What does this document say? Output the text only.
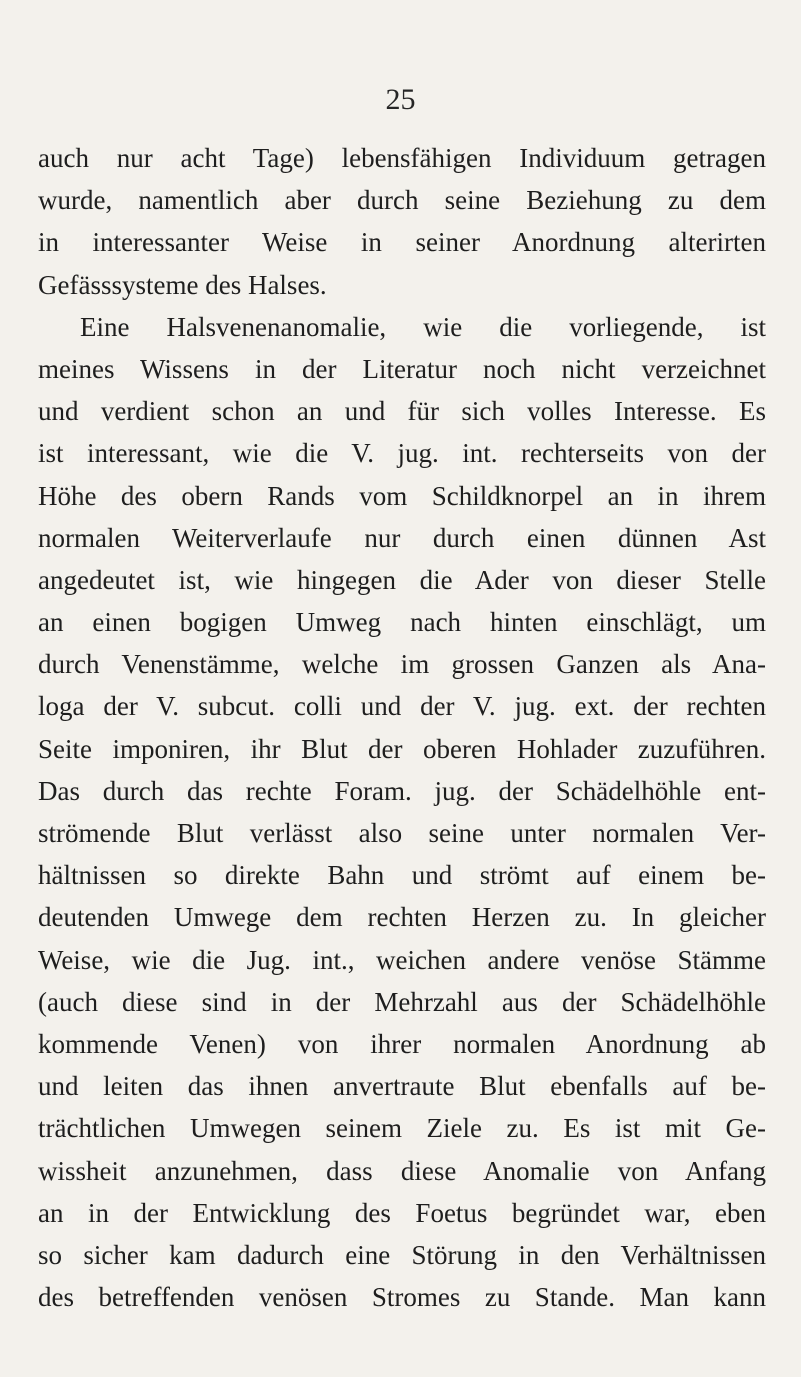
25
auch nur acht Tage) lebensfähigen Individuum getragen
wurde, namentlich aber durch seine Beziehung zu dem
in interessanter Weise in seiner Anordnung alterirten
Gefässsysteme des Halses.
Eine Halsvenenanomalie, wie die vorliegende, ist
meines Wissens in der Literatur noch nicht verzeichnet
und verdient schon an und für sich volles Interesse. Es
ist interessant, wie die V. jug. int. rechterseits von der
Höhe des obern Rands vom Schildknorpel an in ihrem
normalen Weiterverlaufe nur durch einen dünnen Ast
angedeutet ist, wie hingegen die Ader von dieser Stelle
an einen bogigen Umweg nach hinten einschlägt, um
durch Venenstämme, welche im grossen Ganzen als Ana-
loga der V. subcut. colli und der V. jug. ext. der rechten
Seite imponiren, ihr Blut der oberen Hohlader zuzuführen.
Das durch das rechte Foram. jug. der Schädelhöhle ent-
strömende Blut verlässt also seine unter normalen Ver-
hältnissen so direkte Bahn und strömt auf einem be-
deutenden Umwege dem rechten Herzen zu. In gleicher
Weise, wie die Jug. int., weichen andere venöse Stämme
(auch diese sind in der Mehrzahl aus der Schädelhöhle
kommende Venen) von ihrer normalen Anordnung ab
und leiten das ihnen anvertraute Blut ebenfalls auf be-
trächtlichen Umwegen seinem Ziele zu. Es ist mit Ge-
wissheit anzunehmen, dass diese Anomalie von Anfang
an in der Entwicklung des Foetus begründet war, eben
so sicher kam dadurch eine Störung in den Verhältnissen
des betreffenden venösen Stromes zu Stande. Man kann
